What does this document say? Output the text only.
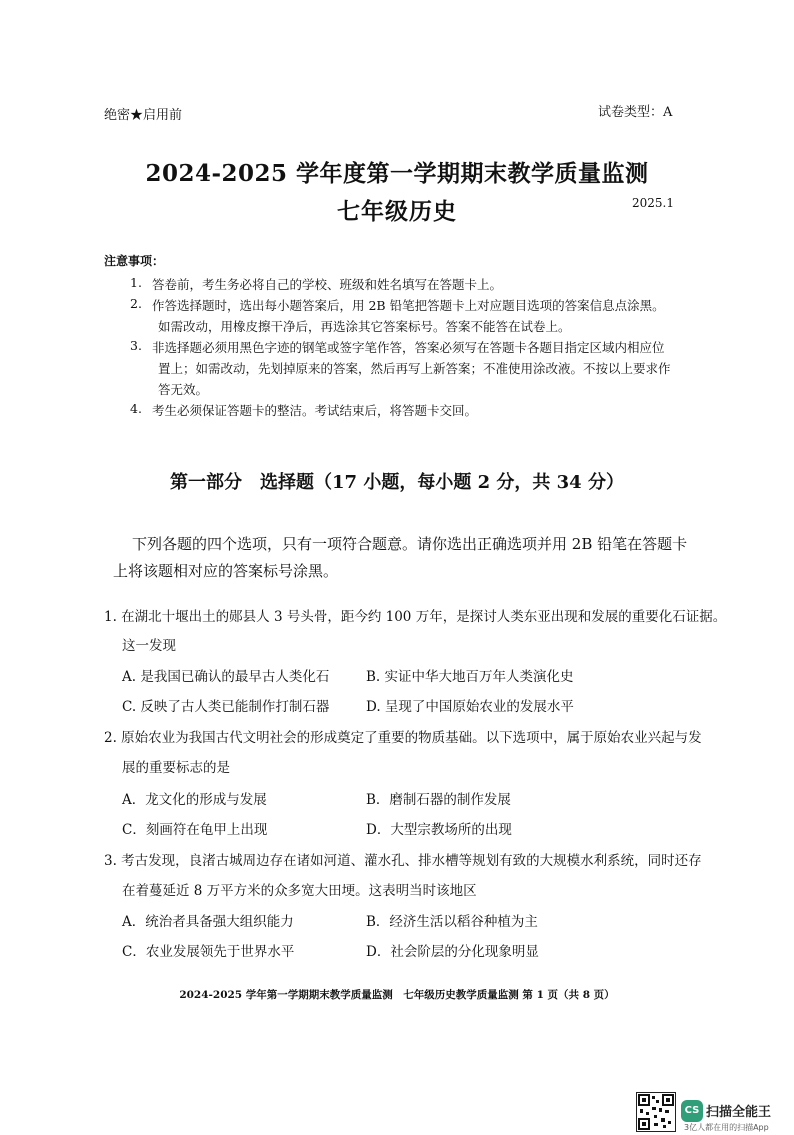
绝密★启用前	试卷类型：A
2024-2025 学年度第一学期期末教学质量监测
七年级历史	2025.1
注意事项：
1. 答卷前，考生务必将自己的学校、班级和姓名填写在答题卡上。
2. 作答选择题时，选出每小题答案后，用 2B 铅笔把答题卡上对应题目选项的答案信息点涂黑。
如需改动，用橡皮擦干净后，再选涂其它答案标号。答案不能答在试卷上。
3. 非选择题必须用黑色字迹的钢笔或签字笔作答，答案必须写在答题卡各题目指定区域内相应位
置上；如需改动，先划掉原来的答案，然后再写上新答案；不准使用涂改液。不按以上要求作
答无效。
4. 考生必须保证答题卡的整洁。考试结束后，将答题卡交回。
第一部分　选择题（17 小题，每小题 2 分，共 34 分）
下列各题的四个选项，只有一项符合题意。请你选出正确选项并用 2B 铅笔在答题卡
上将该题相对应的答案标号涂黑。
1. 在湖北十堰出土的郧县人 3 号头骨，距今约 100 万年，是探讨人类东亚出现和发展的重要化石证据。
这一发现
A. 是我国已确认的最早古人类化石	B. 实证中华大地百万年人类演化史
C. 反映了古人类已能制作打制石器	D. 呈现了中国原始农业的发展水平
2. 原始农业为我国古代文明社会的形成奠定了重要的物质基础。以下选项中，属于原始农业兴起与发
展的重要标志的是
A．龙文化的形成与发展	B．磨制石器的制作发展
C．刻画符在龟甲上出现	D．大型宗教场所的出现
3. 考古发现，良渚古城周边存在诸如河道、灌水孔、排水槽等规划有致的大规模水利系统，同时还存
在着蔓延近 8 万平方米的众多宽大田埂。这表明当时该地区
A．统治者具备强大组织能力	B．经济生活以稻谷种植为主
C．农业发展领先于世界水平	D．社会阶层的分化现象明显
2024-2025 学年第一学期期末教学质量监测　七年级历史教学质量监测 第 1 页（共 8 页）
CS 扫描全能王
3亿人都在用的扫描App
